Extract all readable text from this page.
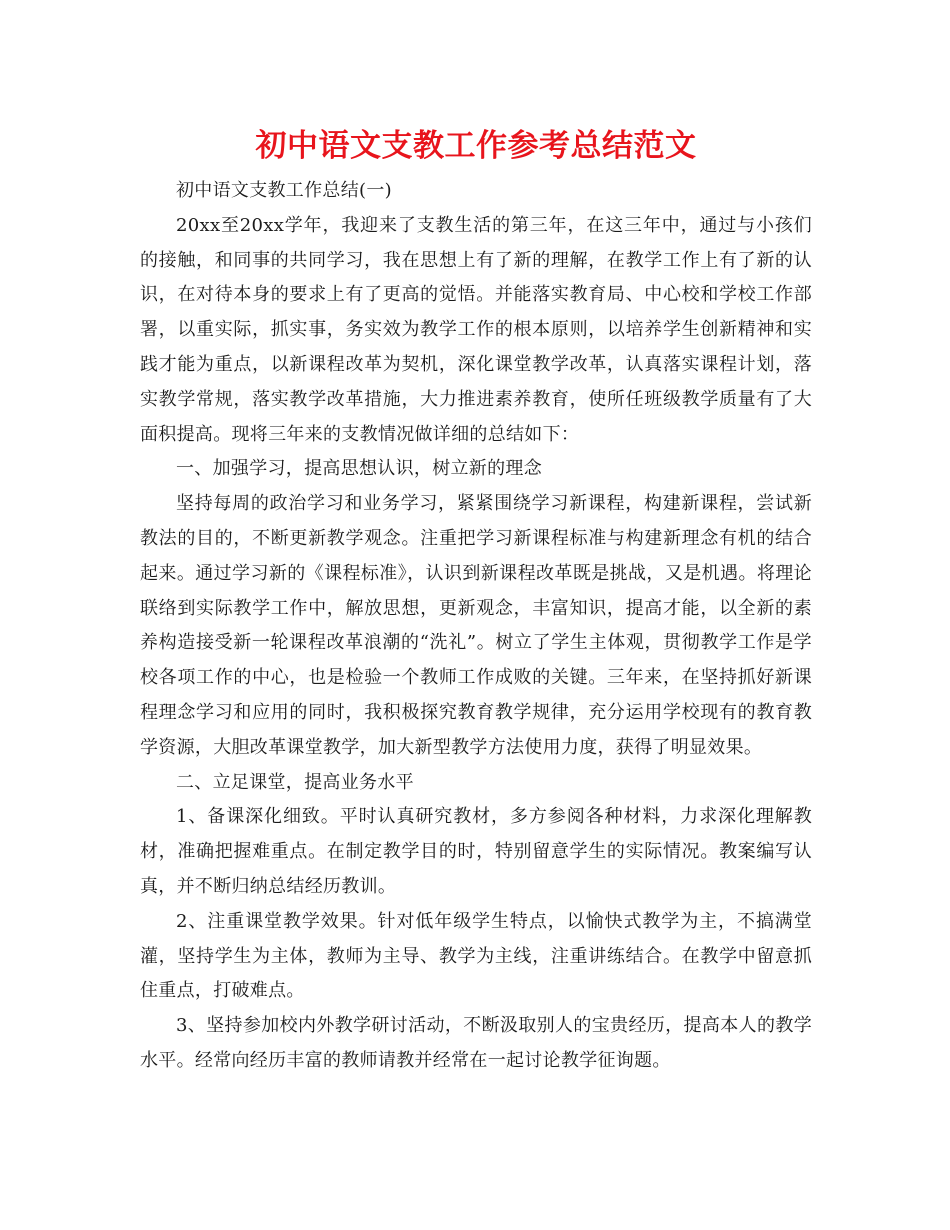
初中语文支教工作参考总结范文

初中语文支教工作总结(一)

20xx至20xx学年，我迎来了支教生活的第三年，在这三年中，通过与小孩们的接触，和同事的共同学习，我在思想上有了新的理解，在教学工作上有了新的认识，在对待本身的要求上有了更高的觉悟。并能落实教育局、中心校和学校工作部署，以重实际，抓实事，务实效为教学工作的根本原则，以培养学生创新精神和实践才能为重点，以新课程改革为契机，深化课堂教学改革，认真落实课程计划，落实教学常规，落实教学改革措施，大力推进素养教育，使所任班级教学质量有了大面积提高。现将三年来的支教情况做详细的总结如下：

一、加强学习，提高思想认识，树立新的理念

坚持每周的政治学习和业务学习，紧紧围绕学习新课程，构建新课程，尝试新教法的目的，不断更新教学观念。注重把学习新课程标准与构建新理念有机的结合起来。通过学习新的《课程标准》，认识到新课程改革既是挑战，又是机遇。将理论联络到实际教学工作中，解放思想，更新观念，丰富知识，提高才能，以全新的素养构造接受新一轮课程改革浪潮的“洗礼”。树立了学生主体观，贯彻教学工作是学校各项工作的中心，也是检验一个教师工作成败的关键。三年来，在坚持抓好新课程理念学习和应用的同时，我积极探究教育教学规律，充分运用学校现有的教育教学资源，大胆改革课堂教学，加大新型教学方法使用力度，获得了明显效果。

二、立足课堂，提高业务水平

1、备课深化细致。平时认真研究教材，多方参阅各种材料，力求深化理解教材，准确把握难重点。在制定教学目的时，特别留意学生的实际情况。教案编写认真，并不断归纳总结经历教训。

2、注重课堂教学效果。针对低年级学生特点，以愉快式教学为主，不搞满堂灌，坚持学生为主体，教师为主导、教学为主线，注重讲练结合。在教学中留意抓住重点，打破难点。

3、坚持参加校内外教学研讨活动，不断汲取别人的宝贵经历，提高本人的教学水平。经常向经历丰富的教师请教并经常在一起讨论教学征询题。
